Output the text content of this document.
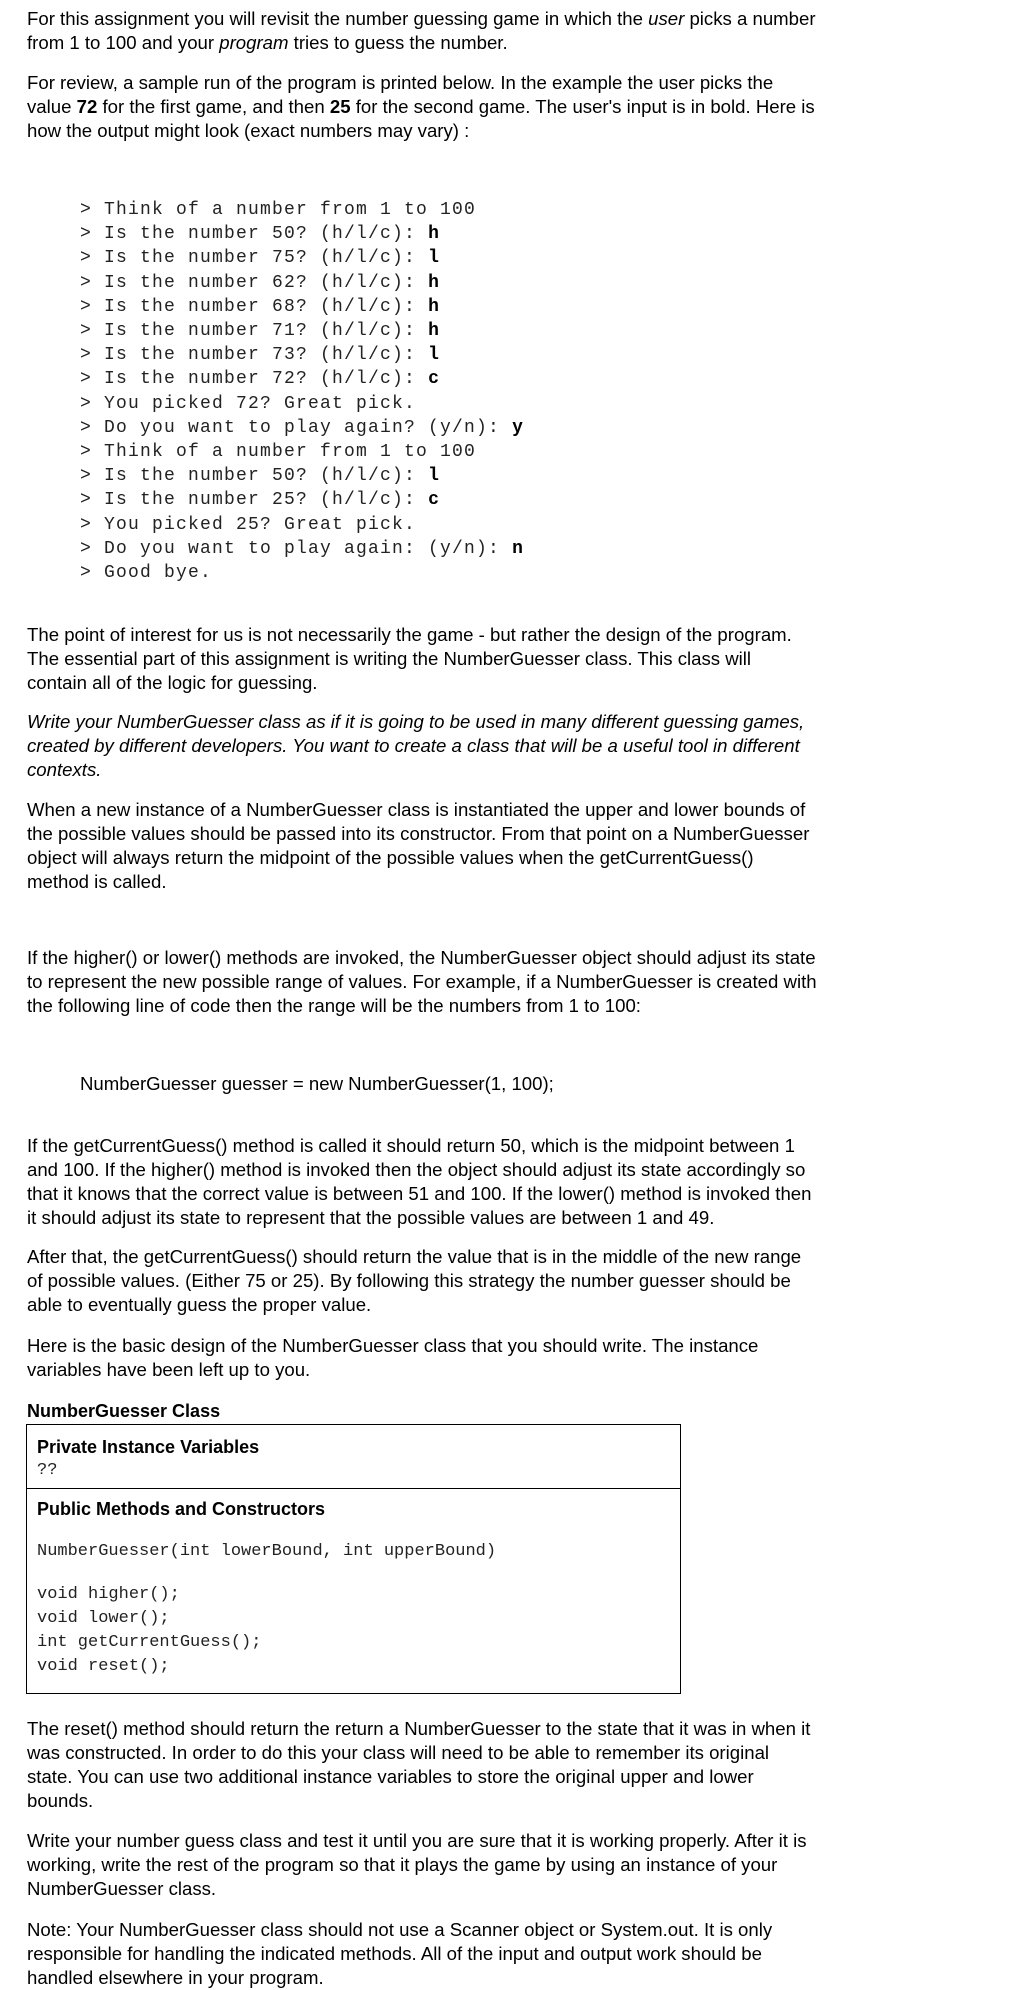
For this assignment you will revisit the number guessing game in which the user picks a number
from 1 to 100 and your program tries to guess the number.
For review, a sample run of the program is printed below. In the example the user picks the
value 72 for the first game, and then 25 for the second game. The user's input is in bold. Here is
how the output might look (exact numbers may vary) :
> Think of a number from 1 to 100
> Is the number 50? (h/l/c): h
> Is the number 75? (h/l/c): l
> Is the number 62? (h/l/c): h
> Is the number 68? (h/l/c): h
> Is the number 71? (h/l/c): h
> Is the number 73? (h/l/c): l
> Is the number 72? (h/l/c): c
> You picked 72? Great pick.
> Do you want to play again? (y/n): y
> Think of a number from 1 to 100
> Is the number 50? (h/l/c): l
> Is the number 25? (h/l/c): c
> You picked 25? Great pick.
> Do you want to play again: (y/n): n
> Good bye.
The point of interest for us is not necessarily the game - but rather the design of the program.
The essential part of this assignment is writing the NumberGuesser class. This class will
contain all of the logic for guessing.
Write your NumberGuesser class as if it is going to be used in many different guessing games,
created by different developers. You want to create a class that will be a useful tool in different
contexts.
When a new instance of a NumberGuesser class is instantiated the upper and lower bounds of
the possible values should be passed into its constructor. From that point on a NumberGuesser
object will always return the midpoint of the possible values when the getCurrentGuess()
method is called.
If the higher() or lower() methods are invoked, the NumberGuesser object should adjust its state
to represent the new possible range of values. For example, if a NumberGuesser is created with
the following line of code then the range will be the numbers from 1 to 100:
NumberGuesser guesser = new NumberGuesser(1, 100);
If the getCurrentGuess() method is called it should return 50, which is the midpoint between 1
and 100. If the higher() method is invoked then the object should adjust its state accordingly so
that it knows that the correct value is between 51 and 100. If the lower() method is invoked then
it should adjust its state to represent that the possible values are between 1 and 49.
After that, the getCurrentGuess() should return the value that is in the middle of the new range
of possible values. (Either 75 or 25). By following this strategy the number guesser should be
able to eventually guess the proper value.
Here is the basic design of the NumberGuesser class that you should write. The instance
variables have been left up to you.
NumberGuesser Class
Private Instance Variables
??
Public Methods and Constructors
NumberGuesser(int lowerBound, int upperBound)
void higher();
void lower();
int getCurrentGuess();
void reset();
The reset() method should return the return a NumberGuesser to the state that it was in when it
was constructed. In order to do this your class will need to be able to remember its original
state. You can use two additional instance variables to store the original upper and lower
bounds.
Write your number guess class and test it until you are sure that it is working properly. After it is
working, write the rest of the program so that it plays the game by using an instance of your
NumberGuesser class.
Note: Your NumberGuesser class should not use a Scanner object or System.out. It is only
responsible for handling the indicated methods. All of the input and output work should be
handled elsewhere in your program.
